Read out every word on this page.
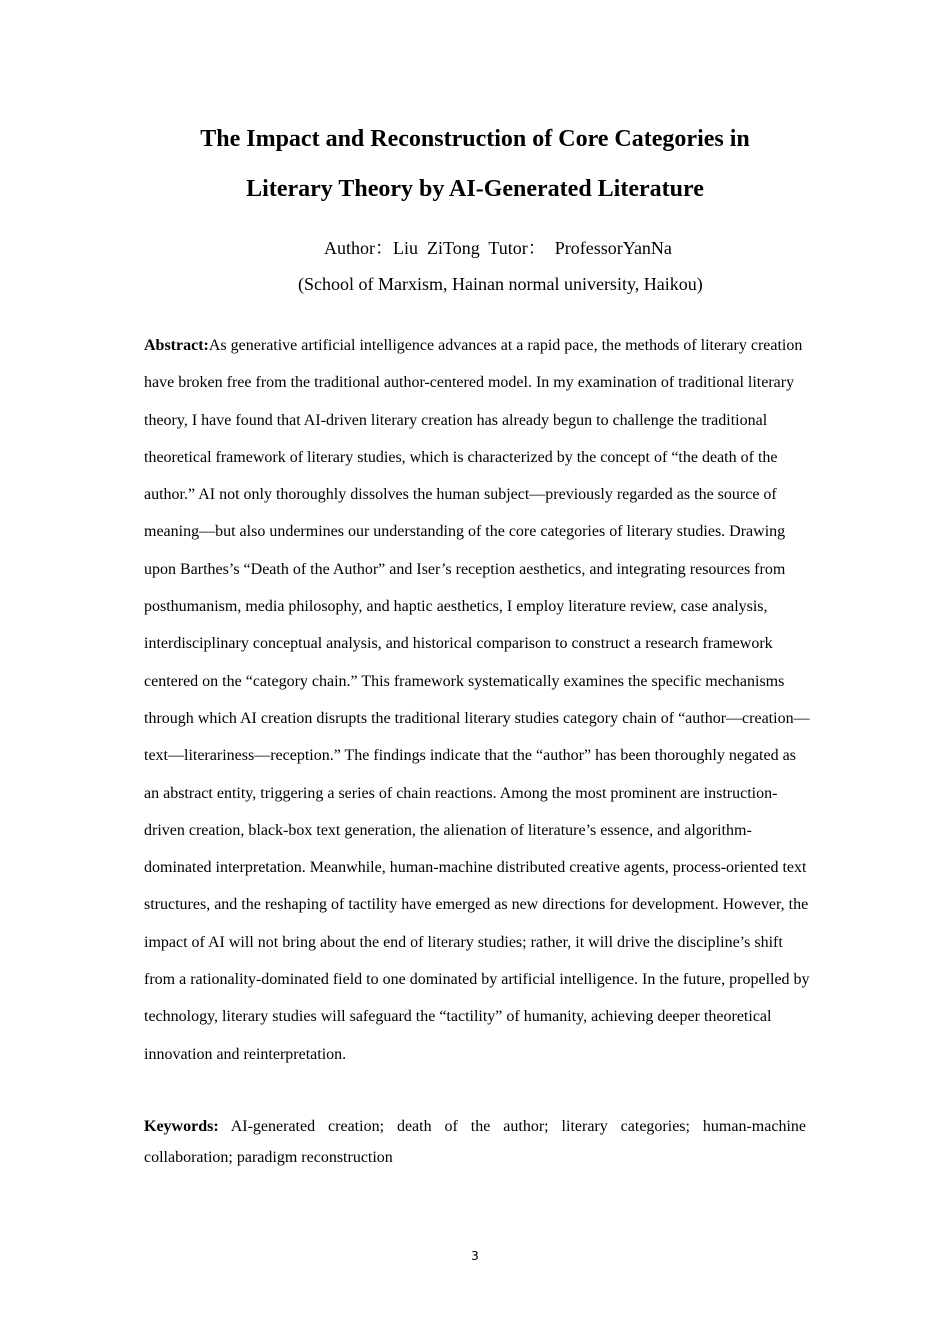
The Impact and Reconstruction of Core Categories in
Literary Theory by AI-Generated Literature
Author：Liu  ZiTong  Tutor：  ProfessorYanNa
(School of Marxism, Hainan normal university, Haikou)

Abstract:As generative artificial intelligence advances at a rapid pace, the methods of literary creation have broken free from the traditional author-centered model. In my examination of traditional literary theory, I have found that AI-driven literary creation has already begun to challenge the traditional theoretical framework of literary studies, which is characterized by the concept of “the death of the author.” AI not only thoroughly dissolves the human subject—previously regarded as the source of meaning—but also undermines our understanding of the core categories of literary studies. Drawing upon Barthes’s “Death of the Author” and Iser’s reception aesthetics, and integrating resources from posthumanism, media philosophy, and haptic aesthetics, I employ literature review, case analysis, interdisciplinary conceptual analysis, and historical comparison to construct a research framework centered on the “category chain.” This framework systematically examines the specific mechanisms through which AI creation disrupts the traditional literary studies category chain of “author—creation—text—literariness—reception.” The findings indicate that the “author” has been thoroughly negated as an abstract entity, triggering a series of chain reactions. Among the most prominent are instruction-driven creation, black-box text generation, the alienation of literature’s essence, and algorithm-dominated interpretation. Meanwhile, human-machine distributed creative agents, process-oriented text structures, and the reshaping of tactility have emerged as new directions for development. However, the impact of AI will not bring about the end of literary studies; rather, it will drive the discipline’s shift from a rationality-dominated field to one dominated by artificial intelligence. In the future, propelled by technology, literary studies will safeguard the “tactility” of humanity, achieving deeper theoretical innovation and reinterpretation.

Keywords: AI-generated creation; death of the author; literary categories; human-machine collaboration; paradigm reconstruction

3
